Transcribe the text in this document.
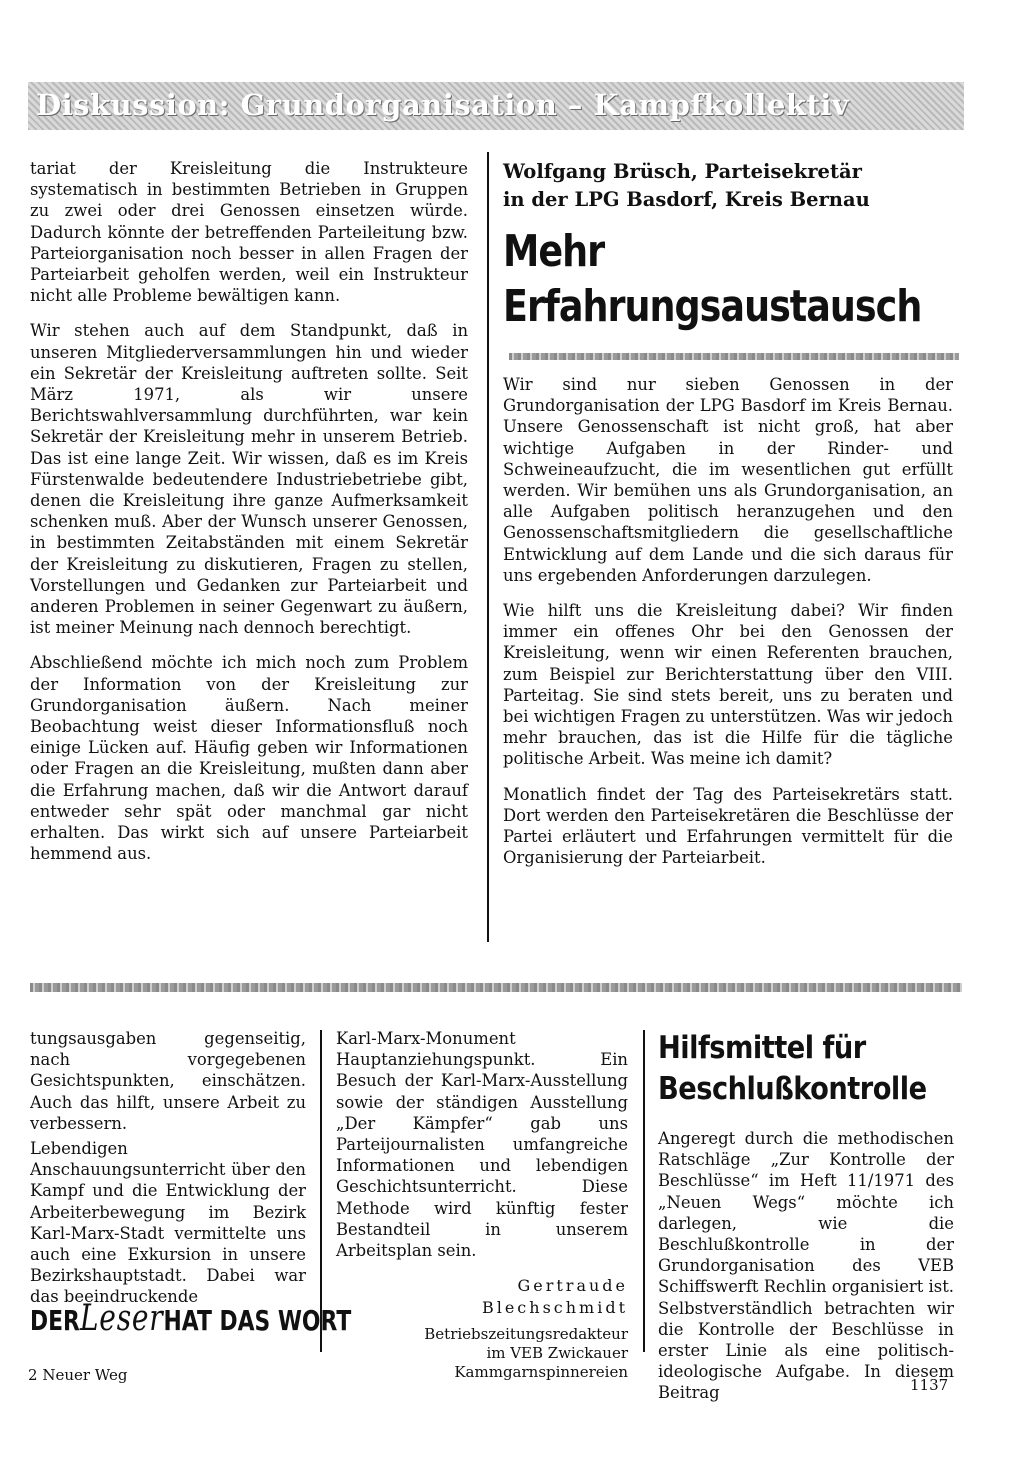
Diskussion: Grundorganisation – Kampfkollektiv

tariat der Kreisleitung die Instrukteure systematisch in bestimmten Betrieben in Gruppen zu zwei oder drei Genossen einsetzen würde. Dadurch könnte der betreffenden Parteileitung bzw. Parteiorganisation noch besser in allen Fragen der Parteiarbeit geholfen werden, weil ein Instrukteur nicht alle Probleme bewältigen kann.

Wir stehen auch auf dem Standpunkt, daß in unseren Mitgliederversammlungen hin und wieder ein Sekretär der Kreisleitung auftreten sollte. Seit März 1971, als wir unsere Berichtswahlversammlung durchführten, war kein Sekretär der Kreisleitung mehr in unserem Betrieb. Das ist eine lange Zeit. Wir wissen, daß es im Kreis Fürstenwalde bedeutendere Industriebetriebe gibt, denen die Kreisleitung ihre ganze Aufmerksamkeit schenken muß. Aber der Wunsch unserer Genossen, in bestimmten Zeitabständen mit einem Sekretär der Kreisleitung zu diskutieren, Fragen zu stellen, Vorstellungen und Gedanken zur Parteiarbeit und anderen Problemen in seiner Gegenwart zu äußern, ist meiner Meinung nach dennoch berechtigt.

Abschließend möchte ich mich noch zum Problem der Information von der Kreisleitung zur Grundorganisation äußern. Nach meiner Beobachtung weist dieser Informationsfluß noch einige Lücken auf. Häufig geben wir Informationen oder Fragen an die Kreisleitung, mußten dann aber die Erfahrung machen, daß wir die Antwort darauf entweder sehr spät oder manchmal gar nicht erhalten. Das wirkt sich auf unsere Parteiarbeit hemmend aus.

Wolfgang Brüsch, Parteisekretär
in der LPG Basdorf, Kreis Bernau
Mehr
Erfahrungsaustausch

Wir sind nur sieben Genossen in der Grundorganisation der LPG Basdorf im Kreis Bernau. Unsere Genossenschaft ist nicht groß, hat aber wichtige Aufgaben in der Rinder- und Schweineaufzucht, die im wesentlichen gut erfüllt werden. Wir bemühen uns als Grundorganisation, an alle Aufgaben politisch heranzugehen und den Genossenschaftsmitgliedern die gesellschaftliche Entwicklung auf dem Lande und die sich daraus für uns ergebenden Anforderungen darzulegen.

Wie hilft uns die Kreisleitung dabei? Wir finden immer ein offenes Ohr bei den Genossen der Kreisleitung, wenn wir einen Referenten brauchen, zum Beispiel zur Berichterstattung über den VIII. Parteitag. Sie sind stets bereit, uns zu beraten und bei wichtigen Fragen zu unterstützen. Was wir jedoch mehr brauchen, das ist die Hilfe für die tägliche politische Arbeit. Was meine ich damit?

Monatlich findet der Tag des Parteisekretärs statt. Dort werden den Parteisekretären die Beschlüsse der Partei erläutert und Erfahrungen vermittelt für die Organisierung der Parteiarbeit.

tungsausgaben gegenseitig, nach vorgegebenen Gesichtspunkten, einschätzen. Auch das hilft, unsere Arbeit zu verbessern.

Lebendigen Anschauungsunterricht über den Kampf und die Entwicklung der Arbeiterbewegung im Bezirk Karl-Marx-Stadt vermittelte uns auch eine Exkursion in unsere Bezirkshauptstadt. Dabei war das beeindruckende

Karl-Marx-Monument Hauptanziehungspunkt. Ein Besuch der Karl-Marx-Ausstellung sowie der ständigen Ausstellung „Der Kämpfer“ gab uns Parteijournalisten umfangreiche Informationen und lebendigen Geschichtsunterricht. Diese Methode wird künftig fester Bestandteil in unserem Arbeitsplan sein.

Gertraude
Blechschmidt
Betriebszeitungsredakteur
im VEB Zwickauer
Kammgarnspinnereien
Hilfsmittel für
Beschlußkontrolle

Angeregt durch die methodischen Ratschläge „Zur Kontrolle der Beschlüsse“ im Heft 11/1971 des „Neuen Wegs“ möchte ich darlegen, wie die Beschlußkontrolle in der Grundorganisation des VEB Schiffswerft Rechlin organisiert ist. Selbstverständlich betrachten wir die Kontrolle der Beschlüsse in erster Linie als eine politisch-ideologische Aufgabe. In diesem Beitrag

DERLeserHAT DAS WORT
2 Neuer Weg
1137
